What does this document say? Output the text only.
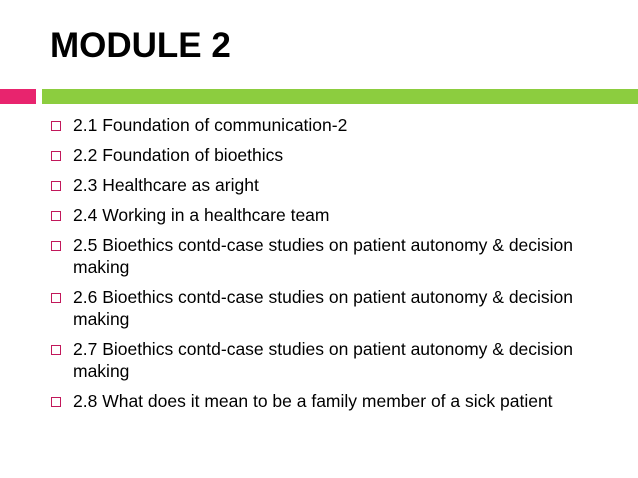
MODULE 2
2.1 Foundation of communication-2
2.2 Foundation of bioethics
2.3 Healthcare as aright
2.4 Working in a healthcare team
2.5 Bioethics contd-case studies on patient autonomy & decision making
2.6 Bioethics contd-case studies on patient autonomy & decision making
2.7 Bioethics contd-case studies on patient autonomy & decision making
2.8 What does it mean to be a family member of a sick patient
